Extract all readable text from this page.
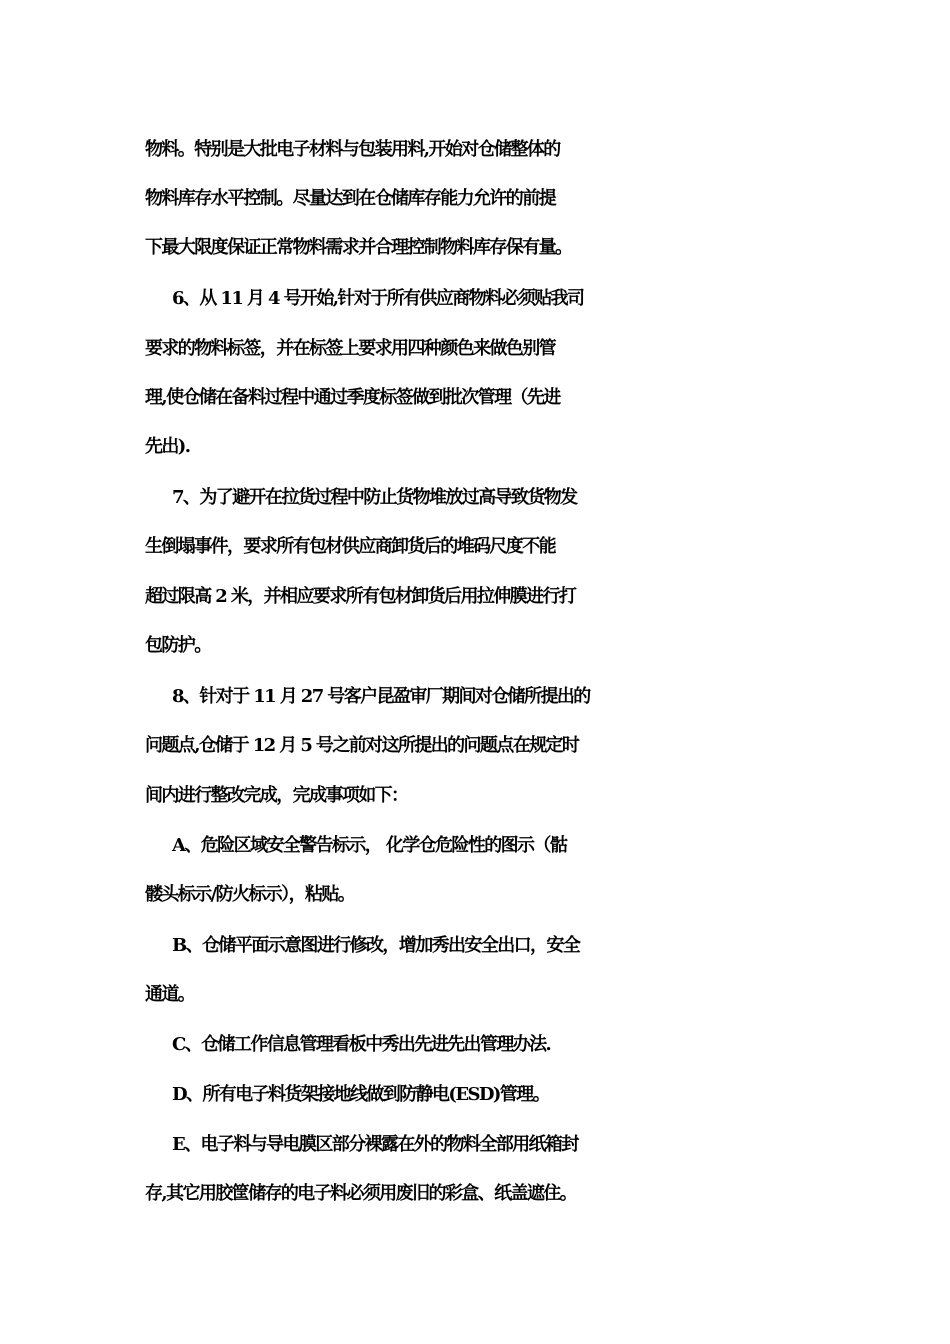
物料。特别是大批电子材料与包装用料,开始对仓储整体的
物料库存水平控制。尽量达到在仓储库存能力允许的前提
下最大限度保证正常物料需求并合理控制物料库存保有量。
6、从 11 月 4 号开始,针对于所有供应商物料必须贴我司
要求的物料标签，并在标签上要求用四种颜色来做色别管
理,使仓储在备料过程中通过季度标签做到批次管理（先进
先出).
7、为了避开在拉货过程中防止货物堆放过高导致货物发
生倒塌事件，要求所有包材供应商卸货后的堆码尺度不能
超过限高 2 米，并相应要求所有包材卸货后用拉伸膜进行打
包防护。
8、针对于 11 月 27 号客户昆盈审厂期间对仓储所提出的
问题点,仓储于 12 月 5 号之前对这所提出的问题点在规定时
间内进行整改完成，完成事项如下：
A、危险区域安全警告标示， 化学仓危险性的图示（骷
髅头标示/防火标示），粘贴。
B、仓储平面示意图进行修改，增加秀出安全出口，安全
通道。
C、仓储工作信息管理看板中秀出先进先出管理办法.
D、所有电子料货架接地线做到防静电(ESD)管理。
E、电子料与导电膜区部分裸露在外的物料全部用纸箱封
存,其它用胶筐储存的电子料必须用废旧的彩盒、纸盖遮住。
